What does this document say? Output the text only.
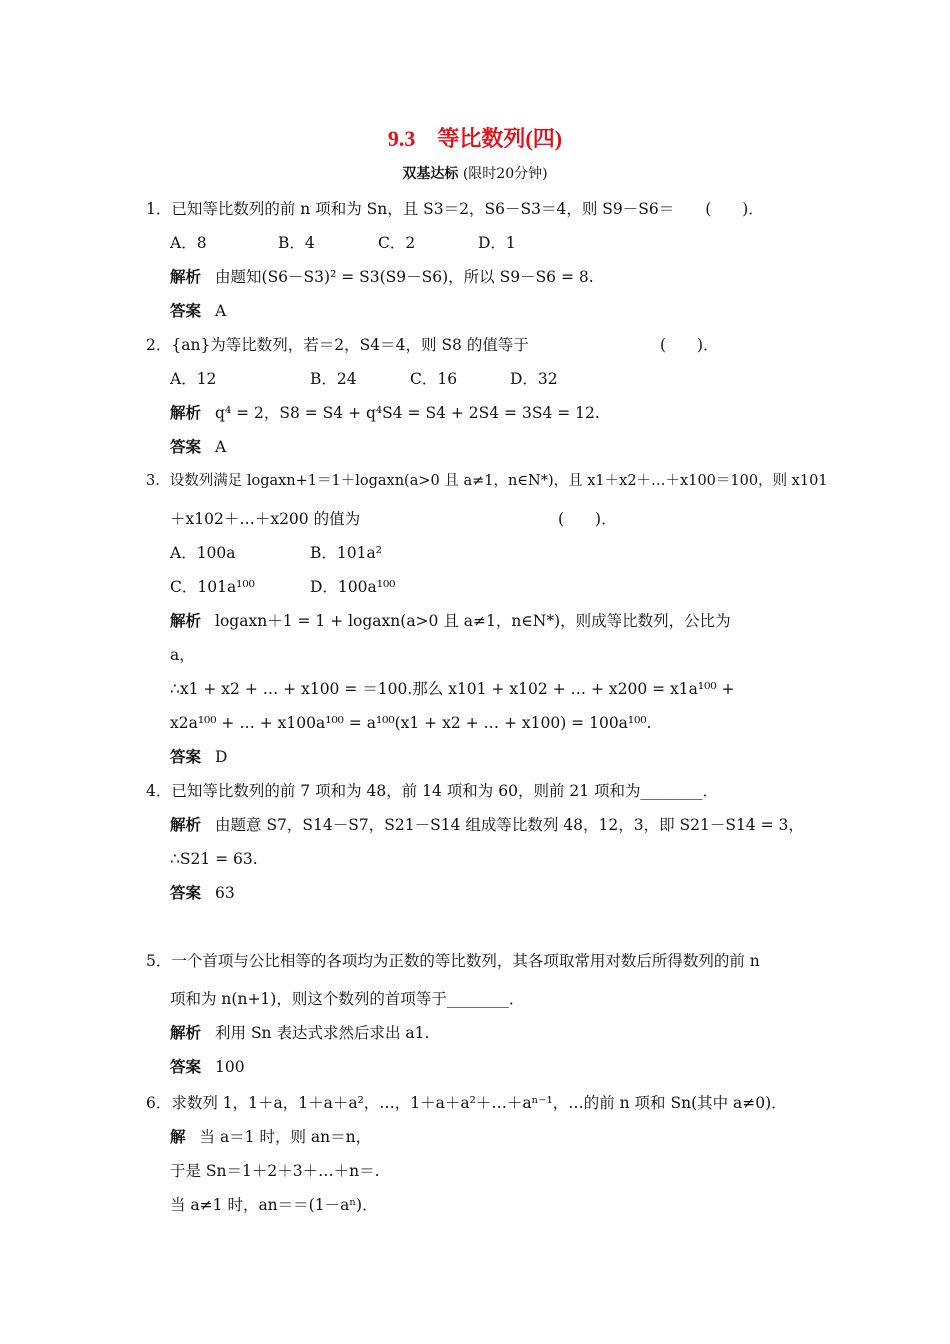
9.3　等比数列(四)
双基达标 (限时20分钟)
1．已知等比数列的前 n 项和为 Sn，且 S3＝2，S6－S3＝4，则 S9－S6＝　　(　　)．
A．8	B．4	C．2	D．1
解析 由题知(S6－S3)² = S3(S9－S6)，所以 S9－S6 = 8.
答案 A
2．{an}为等比数列，若＝2，S4＝4，则 S8 的值等于	(　　)．
A．12	B．24	C．16	D．32
解析 q⁴ = 2，S8 = S4 + q⁴S4 = S4 + 2S4 = 3S4 = 12.
答案 A
3．设数列满足 logaxn+1＝1＋logaxn(a>0 且 a≠1，n∈N*)，且 x1＋x2＋…＋x100＝100，则 x101
＋x102＋…＋x200 的值为	(　　)．
A．100a	B．101a²
C．101a¹⁰⁰	D．100a¹⁰⁰
解析 logaxn＋1 = 1 + logaxn(a>0 且 a≠1，n∈N*)，则成等比数列，公比为
a，
∴x1 + x2 + … + x100 = ＝100.那么 x101 + x102 + … + x200 = x1a¹⁰⁰ +
x2a¹⁰⁰ + … + x100a¹⁰⁰ = a¹⁰⁰(x1 + x2 + … + x100) = 100a¹⁰⁰.
答案 D
4．已知等比数列的前 7 项和为 48，前 14 项和为 60，则前 21 项和为________．
解析 由题意 S7，S14－S7，S21－S14 组成等比数列 48，12，3，即 S21－S14 = 3，
∴S21 = 63.
答案 63
5．一个首项与公比相等的各项均为正数的等比数列，其各项取常用对数后所得数列的前 n
项和为 n(n+1)，则这个数列的首项等于________．
解析 利用 Sn 表达式求然后求出 a1.
答案 100
6．求数列 1，1＋a，1＋a＋a²，…，1＋a＋a²＋…＋aⁿ⁻¹，…的前 n 项和 Sn(其中 a≠0)．
解 当 a＝1 时，则 an＝n，
于是 Sn＝1＋2＋3＋…＋n＝.
当 a≠1 时，an＝＝(1－aⁿ)．
